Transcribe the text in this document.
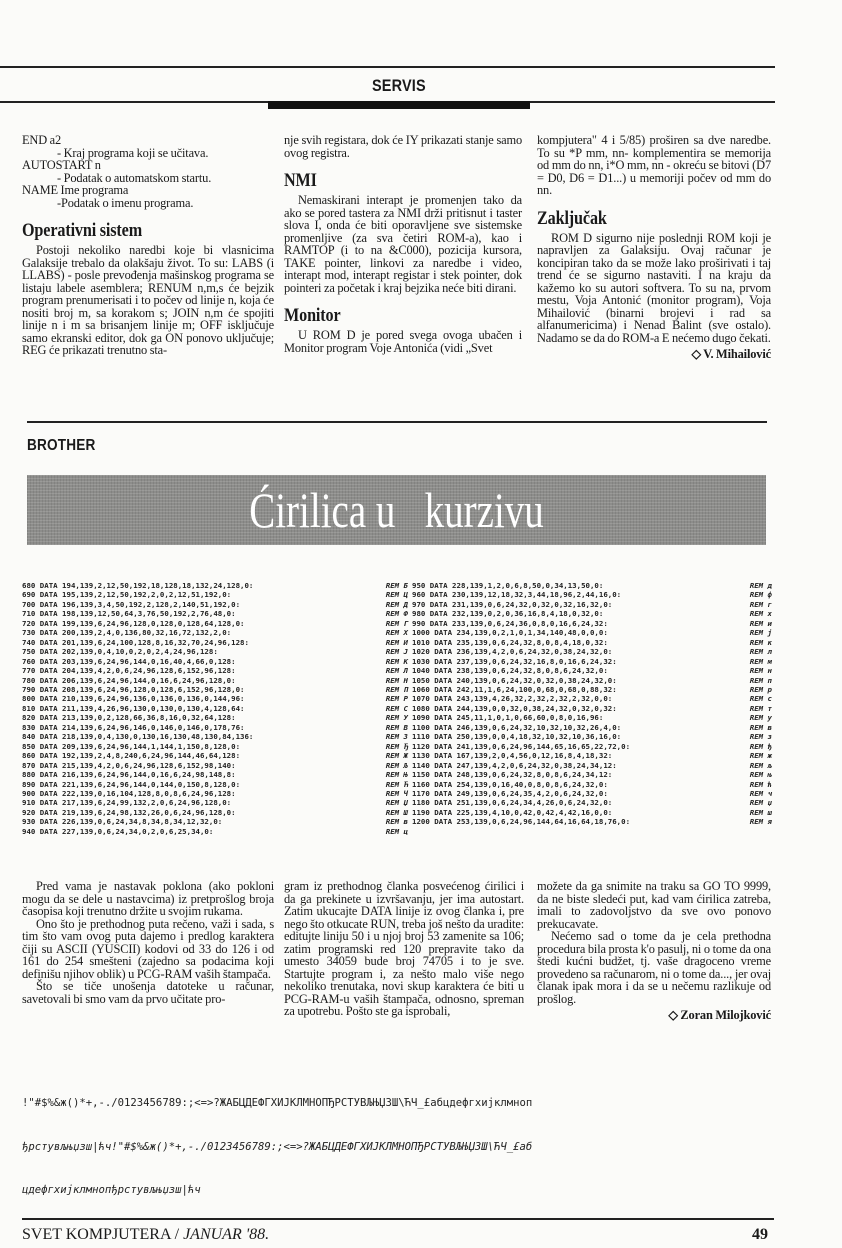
SERVIS

END a2

- Kraj programa koji se učitava.

AUTOSTART n

- Podatak o automatskom startu.

NAME Ime programa

-Podatak o imenu programa.

Operativni sistem

Postoji nekoliko naredbi koje bi vlasnicima Galaksije trebalo da olakšaju život. To su: LABS (i LLABS) - posle prevođenja mašinskog programa se listaju labele asemblera; RENUM n,m,s će bejzik program prenumerisati i to počev od linije n, koja će nositi broj m, sa korakom s; JOIN n,m će spojiti linije n i m sa brisanjem linije m; OFF isključuje samo ekranski editor, dok ga ON ponovo uključuje; REG će prikazati trenutno sta-

nje svih registara, dok će IY prikazati stanje samo ovog registra.

NMI

Nemaskirani interapt je promenjen tako da ako se pored tastera za NMI drži pritisnut i taster slova I, onda će biti oporavljene sve sistemske promenljive (za sva četiri ROM-a), kao i RAMTOP (i to na &C000), pozicija kursora, TAKE pointer, linkovi za naredbe i video, interapt mod, interapt registar i stek pointer, dok pointeri za početak i kraj bejzika neće biti dirani.

Monitor

U ROM D je pored svega ovoga ubačen i Monitor program Voje Antonića (vidi „Svet

kompjutera" 4 i 5/85) proširen sa dve naredbe. To su *P mm, nn- komplementira se memorija od mm do nn, i*O mm, nn - okreću se bitovi (D7 = D0, D6 = D1...) u memoriji počev od mm do nn.

Zaključak

ROM D sigurno nije poslednji ROM koji je napravljen za Galaksiju. Ovaj računar je koncipiran tako da se može lako proširivati i taj trend će se sigurno nastaviti. I na kraju da kažemo ko su autori softvera. To su na, prvom mestu, Voja Antonić (monitor program), Voja Mihailović (binarni brojevi i rad sa alfanumericima) i Nenad Balint (sve ostalo). Nadamo se da do ROM-a E nećemo dugo čekati.

◇ V. Mihailović

BROTHER
Ćirilica u   kurzivu
680 DATA 194,139,2,12,50,192,18,128,18,132,24,128,0:	REM Б
690 DATA 195,139,2,12,50,192,2,0,2,12,51,192,0:	REM Ц
700 DATA 196,139,3,4,50,192,2,128,2,140,51,192,0:	REM Д
710 DATA 198,139,12,50,64,3,76,50,192,2,76,48,0:	REM Ф
720 DATA 199,139,6,24,96,128,0,128,0,128,64,128,0:	REM Г
730 DATA 200,139,2,4,0,136,80,32,16,72,132,2,0:	REM Х
740 DATA 201,139,6,24,100,128,8,16,32,70,24,96,128:	REM И
750 DATA 202,139,0,4,10,0,2,0,2,4,24,96,128:	REM Ј
760 DATA 203,139,6,24,96,144,0,16,40,4,66,0,128:	REM К
770 DATA 204,139,4,2,0,6,24,96,128,6,152,96,128:	REM Л
780 DATA 206,139,6,24,96,144,0,16,6,24,96,128,0:	REM Н
790 DATA 208,139,6,24,96,128,0,128,6,152,96,128,0:	REM П
800 DATA 210,139,6,24,96,136,0,136,0,136,0,144,96:	REM Р
810 DATA 211,139,4,26,96,130,0,130,0,130,4,128,64:	REM С
820 DATA 213,139,0,2,128,66,36,8,16,0,32,64,128:	REM У
830 DATA 214,139,6,24,96,146,0,146,0,146,0,178,76:	REM В
840 DATA 218,139,0,4,130,0,130,16,130,48,130,84,136:	REM З
850 DATA 209,139,6,24,96,144,1,144,1,150,8,128,0:	REM Ђ
860 DATA 192,139,2,4,8,240,6,24,96,144,46,64,128:	REM Ж
870 DATA 215,139,4,2,0,6,24,96,128,6,152,98,140:	REM Љ
880 DATA 216,139,6,24,96,144,0,16,6,24,98,148,8:	REM Њ
890 DATA 221,139,6,24,96,144,0,144,0,150,8,128,0:	REM Ћ
900 DATA 222,139,0,16,104,128,8,0,8,6,24,96,128:	REM Ч
910 DATA 217,139,6,24,99,132,2,0,6,24,96,128,0:	REM Џ
920 DATA 219,139,6,24,98,132,26,0,6,24,96,128,0:	REM Ш
930 DATA 226,139,0,6,24,34,8,34,8,34,12,32,0:	REM в
940 DATA 227,139,0,6,24,34,0,2,0,6,25,34,0:	REM ц
950 DATA 228,139,1,2,0,6,8,50,0,34,13,50,0:	REM д
960 DATA 230,139,12,18,32,3,44,18,96,2,44,16,0:	REM ф
970 DATA 231,139,0,6,24,32,0,32,0,32,16,32,0:	REM г
980 DATA 232,139,0,2,0,36,16,8,4,18,0,32,0:	REM х
990 DATA 233,139,0,6,24,36,0,8,0,16,6,24,32:	REM и
1000 DATA 234,139,0,2,1,0,1,34,140,48,0,0,0:	REM ј
1010 DATA 235,139,0,6,24,32,8,0,8,4,18,0,32:	REM к
1020 DATA 236,139,4,2,0,6,24,32,0,38,24,32,0:	REM л
1030 DATA 237,139,0,6,24,32,16,8,0,16,6,24,32:	REM м
1040 DATA 238,139,0,6,24,32,8,0,8,6,24,32,0:	REM н
1050 DATA 240,139,0,6,24,32,0,32,0,38,24,32,0:	REM п
1060 DATA 242,11,1,6,24,100,0,68,0,68,0,88,32:	REM р
1070 DATA 243,139,4,26,32,2,32,2,32,2,32,0,0:	REM с
1080 DATA 244,139,0,0,32,0,38,24,32,0,32,0,32:	REM т
1090 DATA 245,11,1,0,1,0,66,60,0,8,0,16,96:	REM у
1100 DATA 246,139,0,6,24,32,10,32,10,32,26,4,0:	REM в
1110 DATA 250,139,0,0,4,18,32,10,32,10,36,16,0:	REM з
1120 DATA 241,139,0,6,24,96,144,65,16,65,22,72,0:	REM ђ
1130 DATA 167,139,2,0,4,56,0,12,16,8,4,18,32:	REM ж
1140 DATA 247,139,4,2,0,6,24,32,0,38,24,34,12:	REM љ
1150 DATA 248,139,0,6,24,32,8,0,8,6,24,34,12:	REM њ
1160 DATA 254,139,0,16,40,0,8,0,8,6,24,32,0:	REM ћ
1170 DATA 249,139,0,6,24,35,4,2,0,6,24,32,0:	REM ч
1180 DATA 251,139,0,6,24,34,4,26,0,6,24,32,0:	REM џ
1190 DATA 225,139,4,10,0,42,0,42,4,42,16,0,0:	REM ш
1200 DATA 253,139,0,6,24,96,144,64,16,64,18,76,0:	REM я

Pred vama je nastavak poklona (ako pokloni mogu da se dele u nastavcima) iz pretprošlog broja časopisa koji trenutno držite u svojim rukama.

Ono što je prethodnog puta rečeno, važi i sada, s tim što vam ovog puta dajemo i predlog karaktera čiji su ASCII (YUSCII) kodovi od 33 do 126 i od 161 do 254 smešteni (zajedno sa podacima koji definišu njihov oblik) u PCG-RAM vaših štampača.

Što se tiče unošenja datoteke u računar, savetovali bi smo vam da prvo učitate pro-

gram iz prethodnog članka posvećenog ćirilici i da ga prekinete u izvršavanju, jer ima autostart. Zatim ukucajte DATA linije iz ovog članka i, pre nego što otkucate RUN, treba još nešto da uradite: editujte liniju 50 i u njoj broj 53 zamenite sa 106; zatim programski red 120 prepravite tako da umesto 34059 bude broj 74705 i to je sve. Startujte program i, za nešto malo više nego nekoliko trenutaka, novi skup karaktera će biti u PCG-RAM-u vaših štampača, odnosno, spreman za upotrebu. Pošto ste ga isprobali,

možete da ga snimite na traku sa GO TO 9999, da ne biste sledeći put, kad vam ćirilica zatreba, imali to zadovoljstvo da sve ovo ponovo prekucavate.

Nećemo sad o tome da je cela prethodna procedura bila prosta k'o pasulj, ni o tome da ona štedi kućni budžet, tj. vaše dragoceno vreme provedeno sa računarom, ni o tome da..., jer ovaj članak ipak mora i da se u nečemu razlikuje od prošlog.

◇ Zoran Milojković

!"#$%&ж()*+,-./0123456789:;<=>?ЖАБЦДЕФГХИЈКЛМНОПЂРСТУВЉЊЏЗШ\ЋЧ_£абцдефгхијклмноп

ђрстувљњџзш|ћч!"#$%&ж()*+,-./0123456789:;<=>?ЖАБЦДЕФГХИЈКЛМНОПЂРСТУВЉЊЏЗШ\ЋЧ_£аб

цдефгхијклмнопђрстувљњџзш|ћч

SVET KOMPJUTERA / JANUAR '88.	49
